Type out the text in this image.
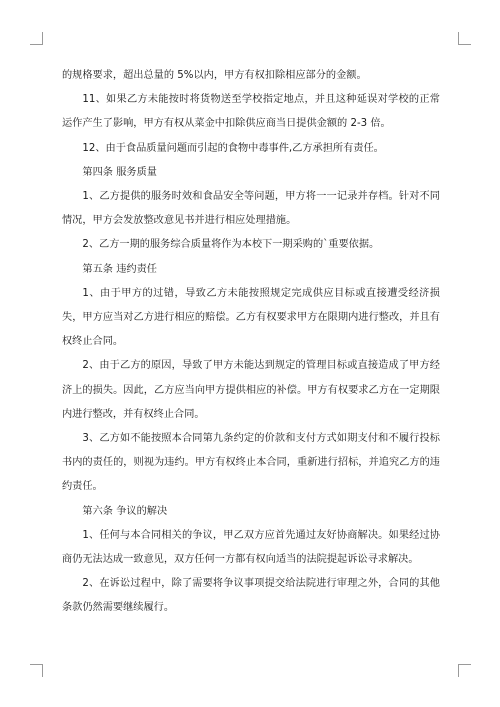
的规格要求，超出总量的 5%以内，甲方有权扣除相应部分的金额。

11、如果乙方未能按时将货物送至学校指定地点，并且这种延误对学校的正常运作产生了影响，甲方有权从菜金中扣除供应商当日提供金额的 2-3 倍。

12、由于食品质量问题而引起的食物中毒事件,乙方承担所有责任。

第四条 服务质量

1、乙方提供的服务时效和食品安全等问题，甲方将一一记录并存档。针对不同情况，甲方会发放整改意见书并进行相应处理措施。

2、乙方一期的服务综合质量将作为本校下一期采购的`重要依据。

第五条 违约责任

1、由于甲方的过错，导致乙方未能按照规定完成供应目标或直接遭受经济损失，甲方应当对乙方进行相应的赔偿。乙方有权要求甲方在限期内进行整改，并且有权终止合同。

2、由于乙方的原因，导致了甲方未能达到规定的管理目标或直接造成了甲方经济上的损失。因此，乙方应当向甲方提供相应的补偿。甲方有权要求乙方在一定期限内进行整改，并有权终止合同。

3、乙方如不能按照本合同第九条约定的价款和支付方式如期支付和不履行投标书内的责任的，则视为违约。甲方有权终止本合同，重新进行招标，并追究乙方的违约责任。

第六条 争议的解决

1、任何与本合同相关的争议，甲乙双方应首先通过友好协商解决。如果经过协商仍无法达成一致意见，双方任何一方都有权向适当的法院提起诉讼寻求解决。

2、在诉讼过程中，除了需要将争议事项提交给法院进行审理之外，合同的其他条款仍然需要继续履行。
